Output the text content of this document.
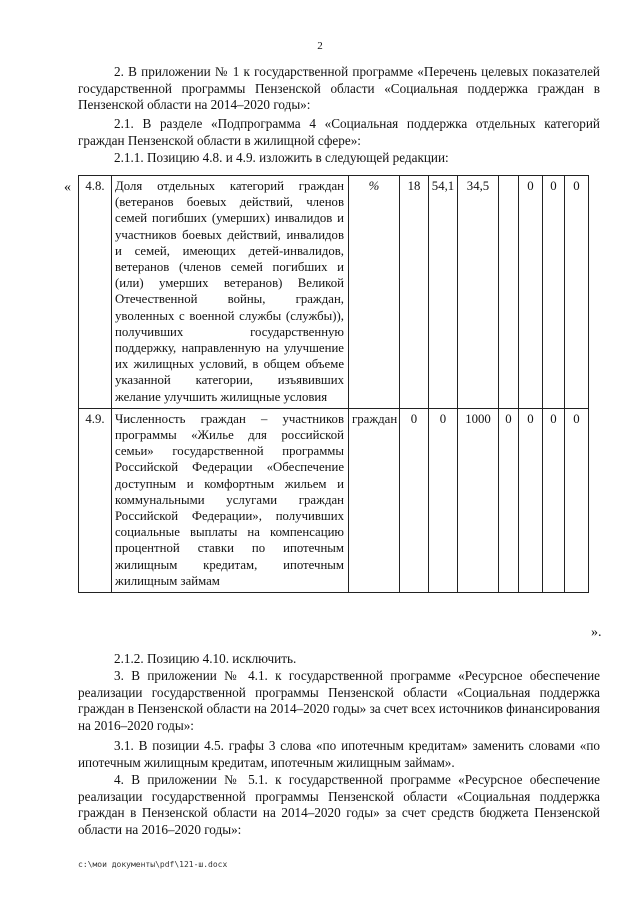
2

2. В приложении № 1 к государственной программе «Перечень целевых показателей государственной программы Пензенской области «Социальная поддержка граждан в Пензенской области на 2014–2020 годы»:

2.1. В разделе «Подпрограмма 4 «Социальная поддержка отдельных категорий граждан Пензенской области в жилищной сфере»:

2.1.1. Позицию 4.8. и 4.9. изложить в следующей редакции:

« 4.8.	Доля отдельных категорий граждан (ветеранов боевых действий, членов семей погибших (умерших) инвалидов и участников боевых действий, инвалидов и семей, имеющих детей-инвалидов, ветеранов (членов семей погибших и (или) умерших ветеранов) Великой Отечественной войны, граждан, уволенных с военной службы (службы)), получивших государственную поддержку, направленную на улучшение их жилищных условий, в общем объеме указанной категории, изъявивших желание улучшить жилищные условия	%	18	54,1	34,5		0	0	0
4.9.	Численность граждан – участников программы «Жилье для российской семьи» государственной программы Российской Федерации «Обеспечение доступным и комфортным жильем и коммунальными услугами граждан Российской Федерации», получивших социальные выплаты на компенсацию процентной ставки по ипотечным жилищным кредитам, ипотечным жилищным займам	граждан	0	0	1000	0	0	0	0
».

2.1.2. Позицию 4.10. исключить.

3. В приложении № 4.1. к государственной программе «Ресурсное обеспечение реализации государственной программы Пензенской области «Социальная поддержка граждан в Пензенской области на 2014–2020 годы» за счет всех источников финансирования на 2016–2020 годы»:

3.1. В позиции 4.5. графы 3 слова «по ипотечным кредитам» заменить словами «по ипотечным жилищным кредитам, ипотечным жилищным займам».

4. В приложении № 5.1. к государственной программе «Ресурсное обеспечение реализации государственной программы Пензенской области «Социальная поддержка граждан в Пензенской области на 2014–2020 годы» за счет средств бюджета Пензенской области на 2016–2020 годы»:

c:\мои документы\pdf\121-ш.docx
